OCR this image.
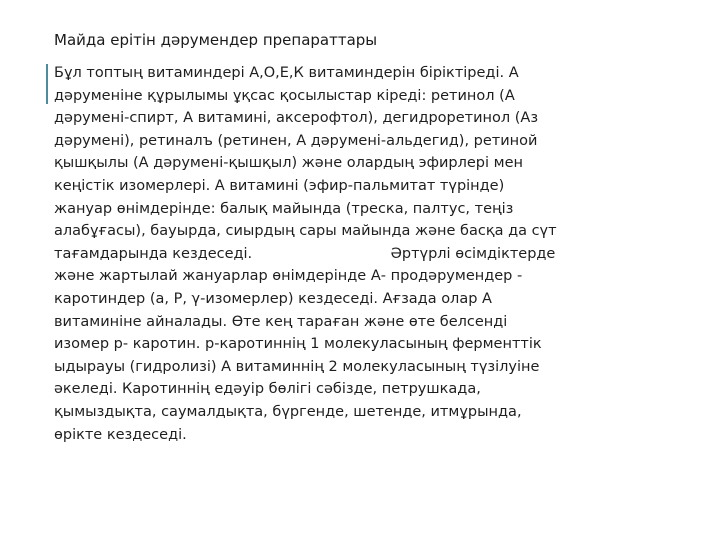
Майда ерітін дәрумендер препараттары
Бұл топтың витаминдері А,О,Е,К витаминдерін біріктіреді. А
дәруменіне құрылымы ұқсас қосылыстар кіреді: ретинол (А
дәрумені-спирт, А витамині, аксерофтол), дегидроретинол (Аз
дәрумені), ретиналъ (ретинен, А дәрумені-альдегид), ретиной
қышқылы (А дәрумені-қышқыл) және олардың эфирлері мен
кеңістік изомерлері. А витамині (эфир-пальмитат түрінде)
жануар өнімдерінде: балық майында (треска, палтус, теңіз
алабұғасы), бауырда, сиырдың сары майында және басқа да сүт
тағамдарында кездеседі.                              Әртүрлі өсімдіктерде
және жартылай жануарлар өнімдерінде А- продәрумендер -
каротиндер (а, Р, γ-изомерлер) кездеседі. Ағзада олар А
витаминіне айналады. Өте кең тараған және өте белсенді
изомер р- каротин. р-каротиннің 1 молекуласының ферменттік
ыдырауы (гидролизі) А витаминнің 2 молекуласының түзілуіне
әкеледі. Каротиннің едәуір бөлігі сәбізде, петрушкада,
қымыздықта, саумалдықта, бүргенде, шетенде, итмұрында,
өрікте кездеседі.
